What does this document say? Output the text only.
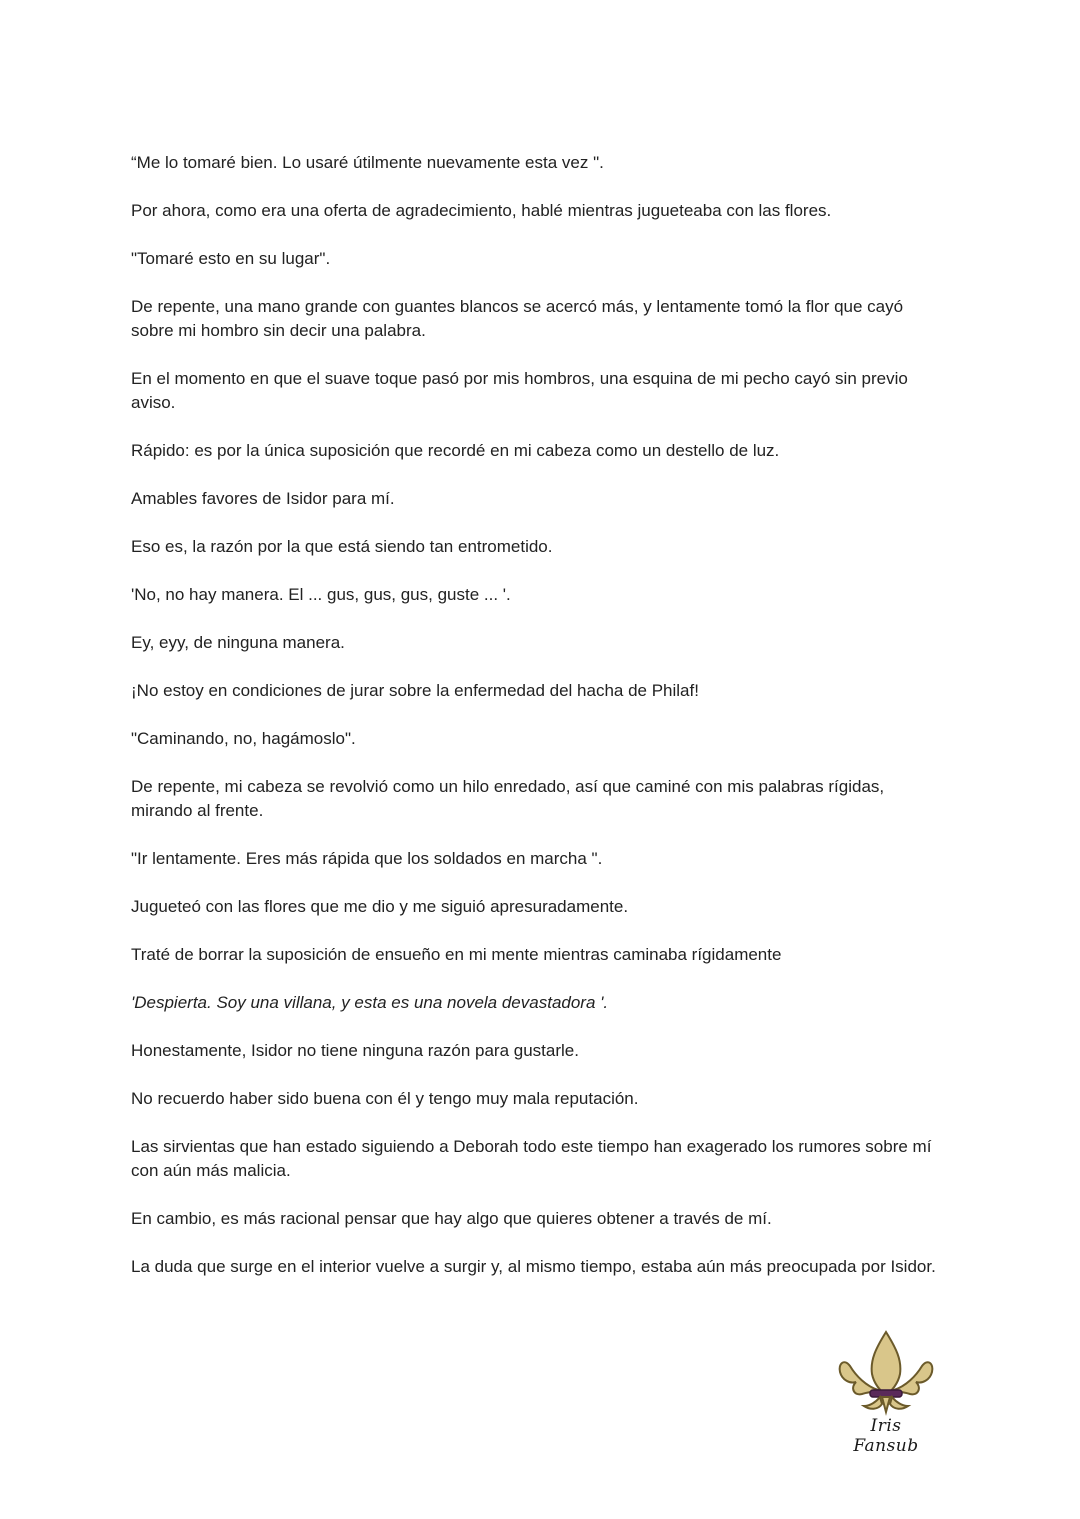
“Me lo tomaré bien. Lo usaré útilmente nuevamente esta vez ".

Por ahora, como era una oferta de agradecimiento, hablé mientras jugueteaba con las flores.

"Tomaré esto en su lugar".

De repente, una mano grande con guantes blancos se acercó más, y lentamente tomó la flor que cayó sobre mi hombro sin decir una palabra.

En el momento en que el suave toque pasó por mis hombros, una esquina de mi pecho cayó sin previo aviso.

Rápido: es por la única suposición que recordé en mi cabeza como un destello de luz.

Amables favores de Isidor para mí.

Eso es, la razón por la que está siendo tan entrometido.

'No, no hay manera. El ... gus, gus, gus, guste ... '.

Ey, eyy, de ninguna manera.

¡No estoy en condiciones de jurar sobre la enfermedad del hacha de Philaf!

"Caminando, no, hagámoslo".

De repente, mi cabeza se revolvió como un hilo enredado, así que caminé con mis palabras rígidas, mirando al frente.

"Ir lentamente. Eres más rápida que los soldados en marcha ".

Jugueteó con las flores que me dio y me siguió apresuradamente.

Traté de borrar la suposición de ensueño en mi mente mientras caminaba rígidamente

'Despierta. Soy una villana, y esta es una novela devastadora '.

Honestamente, Isidor no tiene ninguna razón para gustarle.

No recuerdo haber sido buena con él y tengo muy mala reputación.

Las sirvientas que han estado siguiendo a Deborah todo este tiempo han exagerado los rumores sobre mí con aún más malicia.

En cambio, es más racional pensar que hay algo que quieres obtener a través de mí.

La duda que surge en el interior vuelve a surgir y, al mismo tiempo, estaba aún más preocupada por Isidor.

Iris Fansub
